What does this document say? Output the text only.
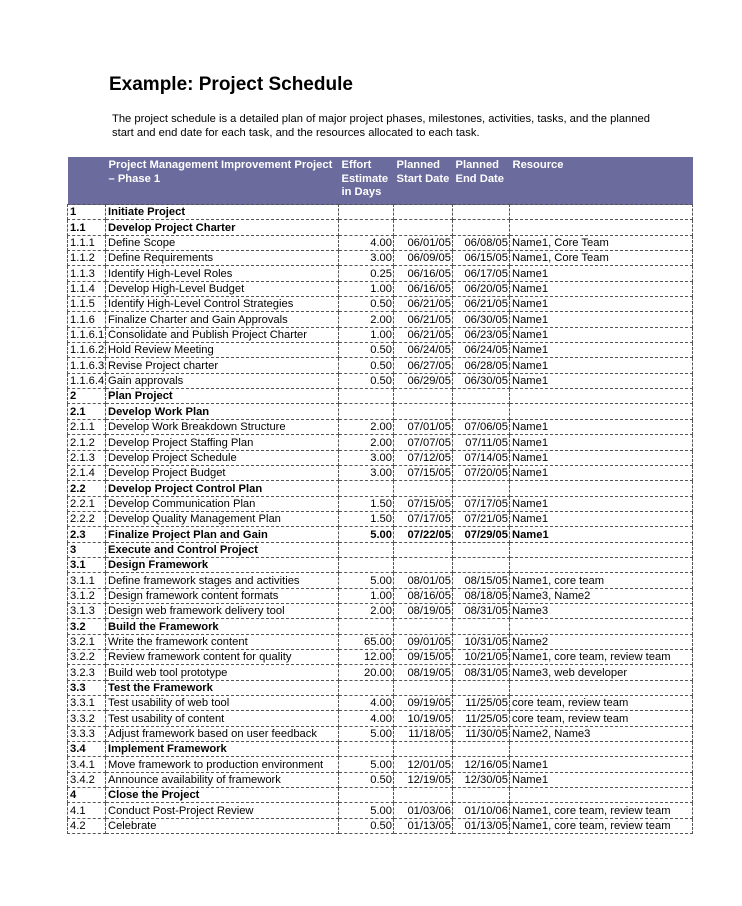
Example: Project Schedule

The project schedule is a detailed plan of major project phases, milestones, activities, tasks, and the planned start and end date for each task, and the resources allocated to each task.

	Project Management Improvement Project – Phase 1	Effort Estimate in Days	Planned Start Date	Planned End Date	Resource
1	Initiate Project				
1.1	Develop Project Charter				
1.1.1	Define Scope	4.00	06/01/05	06/08/05	Name1, Core Team
1.1.2	Define Requirements	3.00	06/09/05	06/15/05	Name1, Core Team
1.1.3	Identify High-Level Roles	0.25	06/16/05	06/17/05	Name1
1.1.4	Develop High-Level Budget	1.00	06/16/05	06/20/05	Name1
1.1.5	Identify High-Level Control Strategies	0.50	06/21/05	06/21/05	Name1
1.1.6	Finalize Charter and Gain Approvals	2.00	06/21/05	06/30/05	Name1
1.1.6.1	Consolidate and Publish Project Charter	1.00	06/21/05	06/23/05	Name1
1.1.6.2	Hold Review Meeting	0.50	06/24/05	06/24/05	Name1
1.1.6.3	Revise Project charter	0.50	06/27/05	06/28/05	Name1
1.1.6.4	Gain approvals	0.50	06/29/05	06/30/05	Name1
2	Plan Project				
2.1	Develop Work Plan				
2.1.1	Develop Work Breakdown Structure	2.00	07/01/05	07/06/05	Name1
2.1.2	Develop Project Staffing Plan	2.00	07/07/05	07/11/05	Name1
2.1.3	Develop Project Schedule	3.00	07/12/05	07/14/05	Name1
2.1.4	Develop Project Budget	3.00	07/15/05	07/20/05	Name1
2.2	Develop Project Control Plan				
2.2.1	Develop Communication Plan	1.50	07/15/05	07/17/05	Name1
2.2.2	Develop Quality Management Plan	1.50	07/17/05	07/21/05	Name1
2.3	Finalize Project Plan and Gain	5.00	07/22/05	07/29/05	Name1
3	Execute and Control Project				
3.1	Design Framework				
3.1.1	Define framework stages and activities	5.00	08/01/05	08/15/05	Name1, core team
3.1.2	Design framework content formats	1.00	08/16/05	08/18/05	Name3, Name2
3.1.3	Design web framework delivery tool	2.00	08/19/05	08/31/05	Name3
3.2	Build the Framework				
3.2.1	Write the framework content	65.00	09/01/05	10/31/05	Name2
3.2.2	Review framework content for quality	12.00	09/15/05	10/21/05	Name1, core team, review team
3.2.3	Build web tool prototype	20.00	08/19/05	08/31/05	Name3, web developer
3.3	Test the Framework				
3.3.1	Test usability of web tool	4.00	09/19/05	11/25/05	core team, review team
3.3.2	Test usability of content	4.00	10/19/05	11/25/05	core team, review team
3.3.3	Adjust framework based on user feedback	5.00	11/18/05	11/30/05	Name2, Name3
3.4	Implement Framework				
3.4.1	Move framework to production environment	5.00	12/01/05	12/16/05	Name1
3.4.2	Announce availability of framework	0.50	12/19/05	12/30/05	Name1
4	Close the Project				
4.1	Conduct Post-Project Review	5.00	01/03/06	01/10/06	Name1, core team, review team
4.2	Celebrate	0.50	01/13/05	01/13/05	Name1, core team, review team
